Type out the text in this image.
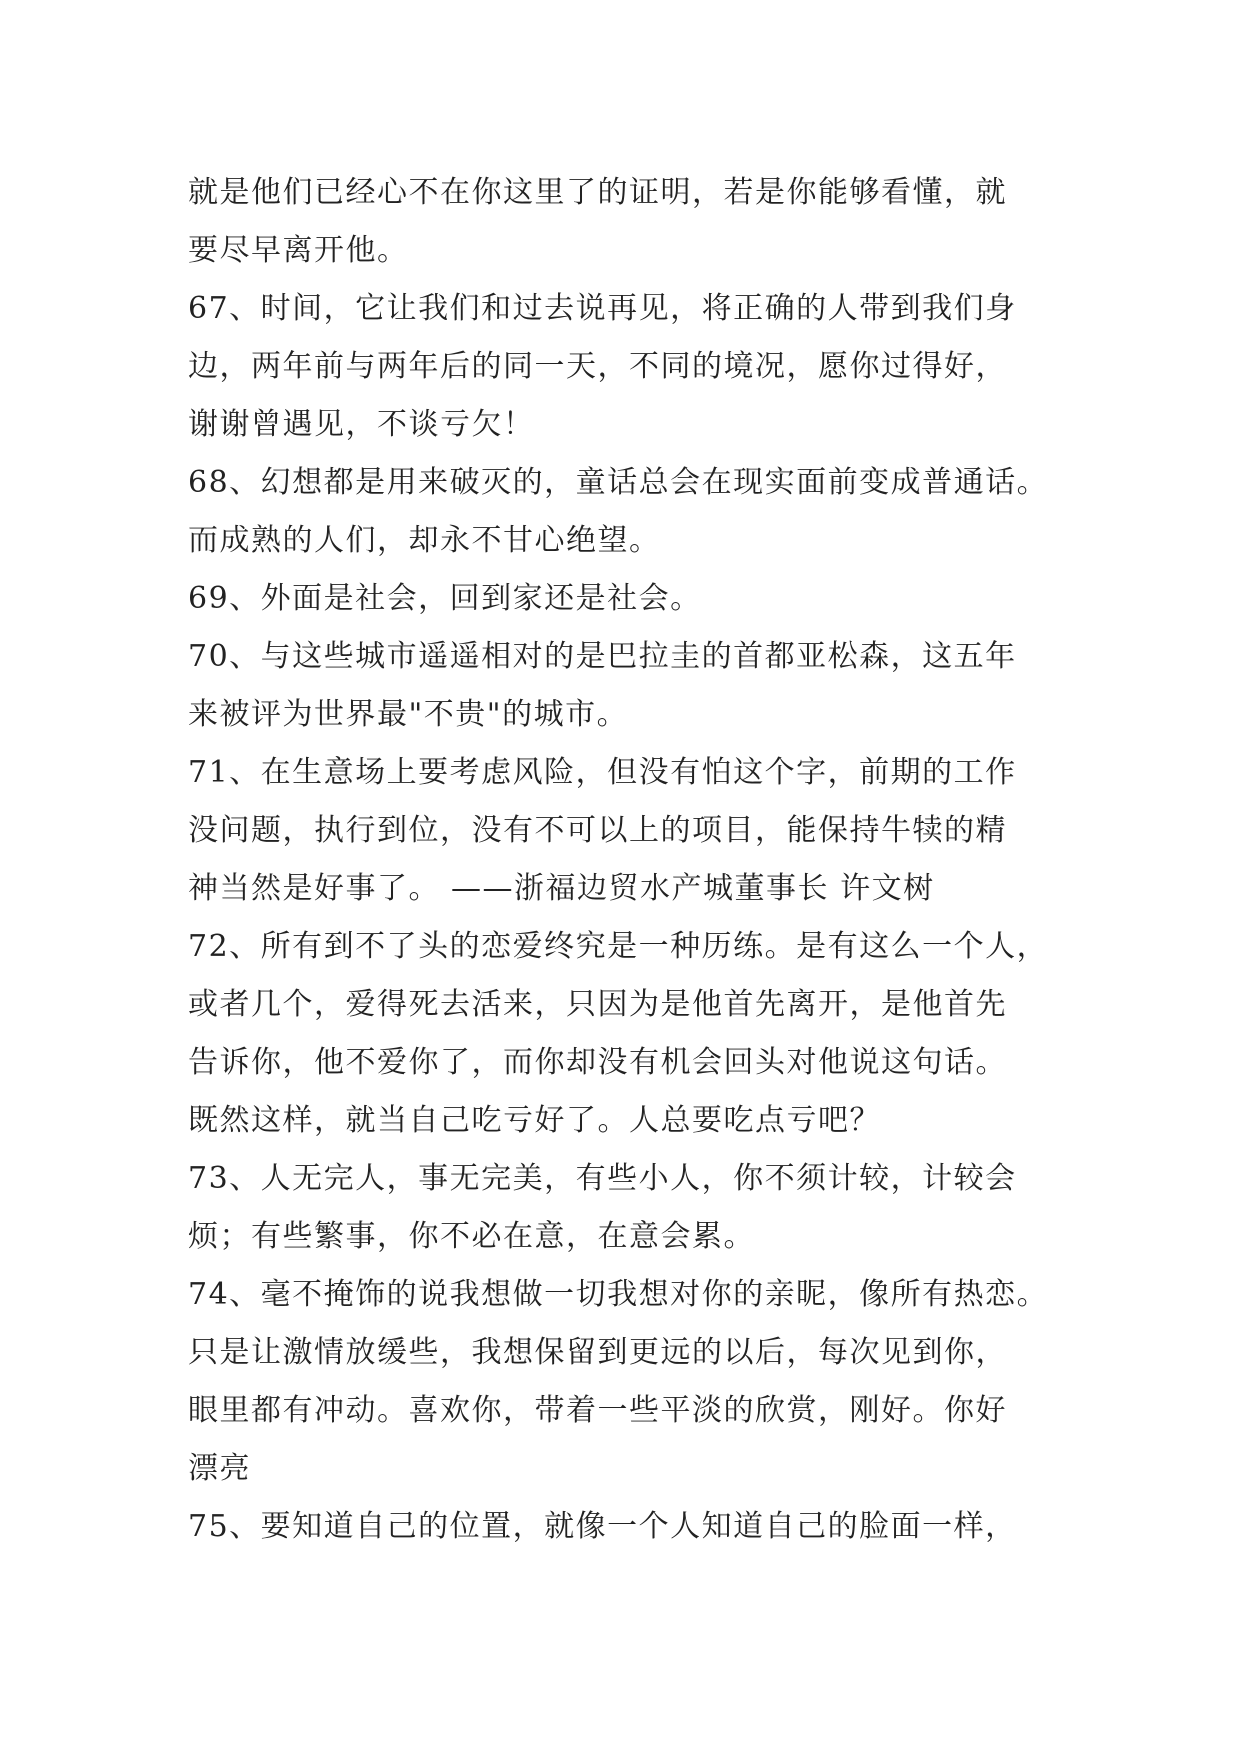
就是他们已经心不在你这里了的证明，若是你能够看懂，就
要尽早离开他。
67、时间，它让我们和过去说再见，将正确的人带到我们身
边，两年前与两年后的同一天，不同的境况，愿你过得好，
谢谢曾遇见，不谈亏欠！
68、幻想都是用来破灭的，童话总会在现实面前变成普通话。
而成熟的人们，却永不甘心绝望。
69、外面是社会，回到家还是社会。
70、与这些城市遥遥相对的是巴拉圭的首都亚松森，这五年
来被评为世界最"不贵"的城市。
71、在生意场上要考虑风险，但没有怕这个字，前期的工作
没问题，执行到位，没有不可以上的项目，能保持牛犊的精
神当然是好事了。 ——浙福边贸水产城董事长 许文树
72、所有到不了头的恋爱终究是一种历练。是有这么一个人，
或者几个，爱得死去活来，只因为是他首先离开，是他首先
告诉你，他不爱你了，而你却没有机会回头对他说这句话。
既然这样，就当自己吃亏好了。人总要吃点亏吧？
73、人无完人，事无完美，有些小人，你不须计较，计较会
烦；有些繁事，你不必在意，在意会累。
74、毫不掩饰的说我想做一切我想对你的亲昵，像所有热恋。
只是让激情放缓些，我想保留到更远的以后，每次见到你，
眼里都有冲动。喜欢你，带着一些平淡的欣赏，刚好。你好
漂亮
75、要知道自己的位置，就像一个人知道自己的脸面一样，
